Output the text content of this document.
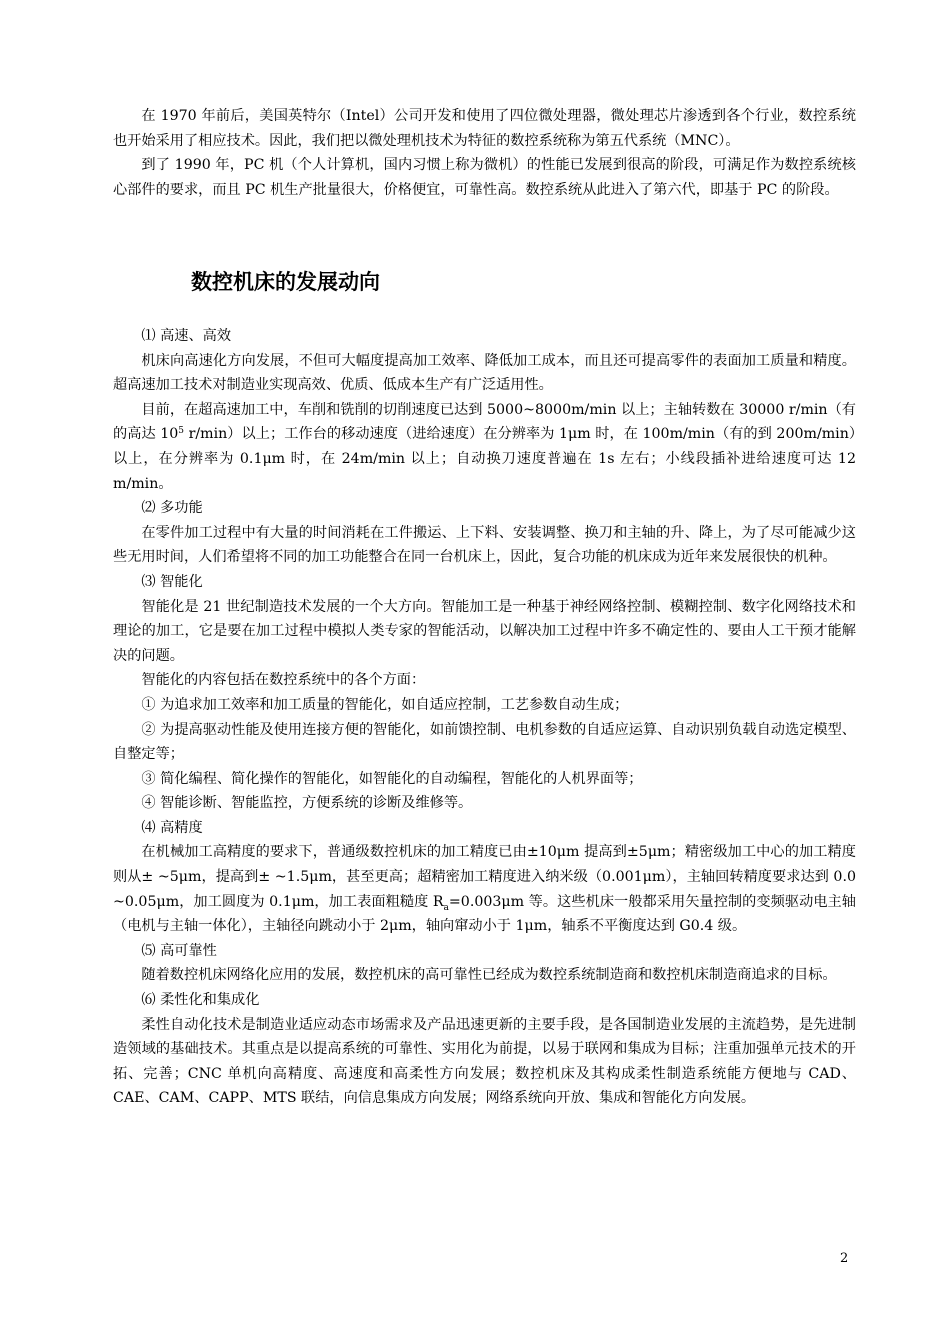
在 1970 年前后，美国英特尔（Intel）公司开发和使用了四位微处理器，微处理芯片渗透到各个行业，数控系统也开始采用了相应技术。因此，我们把以微处理机技术为特征的数控系统称为第五代系统（MNC）。

到了 1990 年，PC 机（个人计算机，国内习惯上称为微机）的性能已发展到很高的阶段，可满足作为数控系统核心部件的要求，而且 PC 机生产批量很大，价格便宜，可靠性高。数控系统从此进入了第六代，即基于 PC 的阶段。

数控机床的发展动向

⑴ 高速、高效

机床向高速化方向发展，不但可大幅度提高加工效率、降低加工成本，而且还可提高零件的表面加工质量和精度。超高速加工技术对制造业实现高效、优质、低成本生产有广泛适用性。

目前，在超高速加工中，车削和铣削的切削速度已达到 5000~8000m/min 以上；主轴转数在 30000 r/min（有的高达 $10^5$ r/min）以上；工作台的移动速度（进给速度）在分辨率为 1μm 时，在 100m/min（有的到 200m/min）以上，在分辨率为 0.1μm 时，在 24m/min 以上；自动换刀速度普遍在 1s 左右；小线段插补进给速度可达 12 m/min。

⑵ 多功能

在零件加工过程中有大量的时间消耗在工件搬运、上下料、安装调整、换刀和主轴的升、降上，为了尽可能减少这些无用时间，人们希望将不同的加工功能整合在同一台机床上，因此，复合功能的机床成为近年来发展很快的机种。

⑶ 智能化

智能化是 21 世纪制造技术发展的一个大方向。智能加工是一种基于神经网络控制、模糊控制、数字化网络技术和理论的加工，它是要在加工过程中模拟人类专家的智能活动，以解决加工过程中许多不确定性的、要由人工干预才能解决的问题。

智能化的内容包括在数控系统中的各个方面：

① 为追求加工效率和加工质量的智能化，如自适应控制，工艺参数自动生成；

② 为提高驱动性能及使用连接方便的智能化，如前馈控制、电机参数的自适应运算、自动识别负载自动选定模型、自整定等；

③ 简化编程、简化操作的智能化，如智能化的自动编程，智能化的人机界面等；

④ 智能诊断、智能监控，方便系统的诊断及维修等。

⑷ 高精度

在机械加工高精度的要求下，普通级数控机床的加工精度已由±10μm 提高到±5μm；精密级加工中心的加工精度则从± ~5μm，提高到± ~1.5μm，甚至更高；超精密加工精度进入纳米级（0.001μm），主轴回转精度要求达到 0.0 ~0.05μm，加工圆度为 0.1μm，加工表面粗糙度 $R_a=0.003\mu m$ 等。这些机床一般都采用矢量控制的变频驱动电主轴（电机与主轴一体化），主轴径向跳动小于 2μm，轴向窜动小于 1μm，轴系不平衡度达到 G0.4 级。

⑸ 高可靠性

随着数控机床网络化应用的发展，数控机床的高可靠性已经成为数控系统制造商和数控机床制造商追求的目标。

⑹ 柔性化和集成化

柔性自动化技术是制造业适应动态市场需求及产品迅速更新的主要手段，是各国制造业发展的主流趋势，是先进制造领域的基础技术。其重点是以提高系统的可靠性、实用化为前提，以易于联网和集成为目标；注重加强单元技术的开拓、完善；CNC 单机向高精度、高速度和高柔性方向发展；数控机床及其构成柔性制造系统能方便地与 CAD、CAE、CAM、CAPP、MTS 联结，向信息集成方向发展；网络系统向开放、集成和智能化方向发展。

2
